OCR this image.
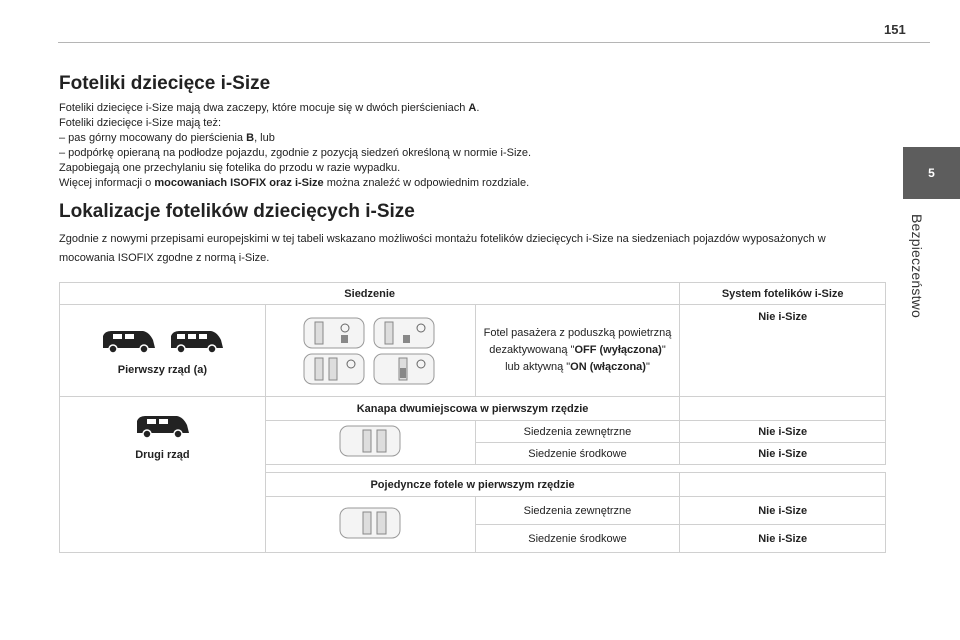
151
5
Bezpieczeństwo
Foteliki dziecięce i-Size

Foteliki dziecięce i-Size mają dwa zaczepy, które mocuje się w dwóch pierścieniach A.

Foteliki dziecięce i-Size mają też:

– pas górny mocowany do pierścienia B, lub

– podpórkę opieraną na podłodze pojazdu, zgodnie z pozycją siedzeń określoną w normie i-Size.

Zapobiegają one przechylaniu się fotelika do przodu w razie wypadku.

Więcej informacji o mocowaniach ISOFIX oraz i-Size można znaleźć w odpowiednim rozdziale.

Lokalizacje fotelików dziecięcych i-Size

Zgodnie z nowymi przepisami europejskimi w tej tabeli wskazano możliwości montażu fotelików dziecięcych i-Size na siedzeniach pojazdów wyposażonych w mocowania ISOFIX zgodne z normą i-Size.

Siedzenie			System fotelików i-Size

Pierwszy rząd (a)		Fotel pasażera z poduszką powietrzną dezaktywowaną "OFF (wyłączona)" lub aktywną "ON (włączona)"	Nie i-Size

Drugi rząd	Kanapa dwumiejscowa w pierwszym rzędzie		
	Siedzenia zewnętrzne	Nie i-Size
		Siedzenie środkowe	Nie i-Size

	Pojedyncze fotele w pierwszym rzędzie		
	Siedzenia zewnętrzne	Nie i-Size
		Siedzenie środkowe	Nie i-Size
